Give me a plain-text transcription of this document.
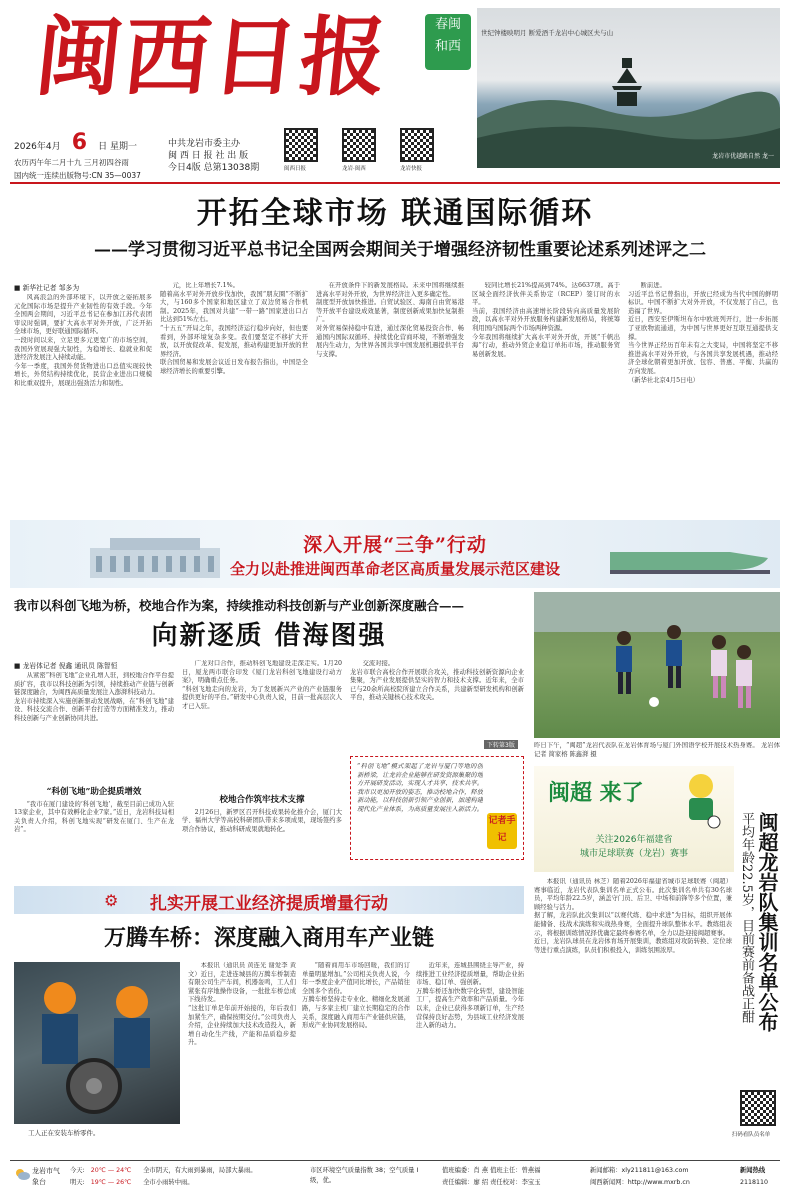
闽西日报	春闽
和西
世纪钟楼映明月 断爱酒千龙岩中心城区夫与山
龙岩市优越路自然 龙一
2026年4月 6 日 星期一
农历丙午年二月十九 三月初四谷雨
国内统一连续出版物号:CN 35—0037
中共龙岩市委主办
闽 西 日 报 社 出 版
今日4版 总第13038期	闽西日报	龙岩·闽西	龙岩快报
开拓全球市场 联通国际循环
——学习贯彻习近平总书记全国两会期间关于增强经济韧性重要论述系列述评之二
■ 新华社记者 邹多为
风高浪急的外部环境下，以开放之姿拓展多元化国际市场是提升产业韧性的有效手段。今年全国两会期间，习近平总书记在参加江苏代表团审议时强调，要扩大高水平对外开放，广泛开拓全球市场，更好联通国际循环。
一段时间以来，立足更多元更宽广的市场空间，我国外贸展现强大韧性，为稳增长、稳就业和促进经济发展注入持续动能。
今年一季度，我国外贸货物进出口总值实现较快增长，外贸结构持续优化，民营企业进出口规模和比重双提升，展现出强劲活力和韧性。
元，比上年增长7.1%。
随着高水平对外开放步伐加快，我国“朋友圈”不断扩大，与160多个国家和地区建立了双边贸易合作机制。2025年，我国对共建“一带一路”国家进出口占比达到51%左右。
“十五五”开局之年，我国经济运行稳步向好，但也要看到，外部环境复杂多变。我们要坚定不移扩大开放，以开放促改革、促发展，推动构建更加开放的世界经济。
联合国贸易和发展会议近日发布报告指出，中国是全球经济增长的重要引擎。
在开放条件下的新发展格局。未来中国将继续推进高水平对外开放，为世界经济注入更多确定性。
制度型开放加快推进。自贸试验区、海南自由贸易港等开放平台建设成效显著，制度创新成果加快复制推广。
对外贸易保持稳中有进，通过深化贸易投资合作、畅通国内国际双循环、持续优化营商环境，不断增强发展内生动力，为世界各国共享中国发展机遇提供平台与支撑。
较同比增长21%提高到74%。达6637项。高于区域全面经济伙伴关系协定（RCEP）签订时的水平。
当前，我国经济由高速增长阶段转向高质量发展阶段，以高水平对外开放服务构建新发展格局，将统筹利用国内国际两个市场两种资源。
今年我国将继续扩大高水平对外开放，开展“千帆出海”行动，推动外贸企业稳订单拓市场，推动服务贸易创新发展。
断前进。
习近平总书记曾指出，开放已经成为当代中国的鲜明标识。中国不断扩大对外开放，不仅发展了自己，也造福了世界。
近日，西安至伊斯坦布尔中欧班列开行，进一步拓展了亚欧物流通道，为中国与世界更好互联互通提供支撑。
当今世界正经历百年未有之大变局，中国将坚定不移推进高水平对外开放，与各国共享发展机遇，推动经济全球化朝着更加开放、包容、普惠、平衡、共赢的方向发展。
（新华社北京4月5日电）
深入开展“三争”行动
全力以赴推进闽西革命老区高质量发展示范区建设
我市以科创飞地为桥，校地合作为案，持续推动科技创新与产业创新深度融合——
向新逐质 借海图强
■ 龙岩体记者 倪鑫 通讯员 陈智恒
从紧密“科创飞地”企业孔增人驻，到校地合作平台提质扩容，我市以科技创新为引领，持续推动产业链与创新链深度融合，为闽西高质量发展注入澎湃科技动力。
龙岩市持续深入实施创新驱动发展战略，在“科创飞地”建设、科技交流合作、创新平台打造等方面精准发力，推动科技创新与产业创新协同共进。
“科创飞地”助企提质增效
“我市在厦门建设的‘科创飞地’，截至目前已成功入驻13家企业，其中有效孵化企业7家。”近日，龙岩科技局相关负责人介绍，科创飞地实现“研发在厦门、生产在龙岩”。
广龙对口合作，推动科创飞地建设走深走实。1月20日，厦龙两市联合印发《厦门龙岩科创飞地建设行动方案》，明确重点任务。
“科创飞地走向的龙岩，为了发展新兴产业的产业链服务提供更好的平台。”研发中心负责人说，目前一批高层次人才已入驻。
校地合作筑牢技术支撑
2月26日，新罗区召开科技成果转化推介会，厦门大学、福州大学等高校科研团队带来多项成果，现场签约多项合作协议，推动科研成果就地转化。
交流对接。
龙岩市联合高校合作开展联合攻关，推动科技创新资源向企业集聚，为产业发展提供坚实的智力和技术支撑。近年来，全市已与20余所高校院所建立合作关系，共建新型研发机构和创新平台，推动关键核心技术攻关。
下转第3版
“科创飞地”模式架起了龙岩与厦门等地的创新桥梁，让龙岩企业能够在研发资源集聚的地方开展研发活动，实现人才共享、技术共享。我市以更加开放的姿态，推动校地合作，释放新动能，以科技创新引领产业创新，加速构建现代化产业体系，为高质量发展注入新活力。
记者手记
昨日下午，“闽超”龙岩代表队在龙岩体育场与厦门外国语学校开展技术热身赛。 龙岩体记者 简家榕 陈鑫湃 摄
闽超 来了
关注2026年福建省
城市足球联赛（龙岩）赛事	闽超龙岩队集训名单公布
平均年龄22.5岁，目前赛前备战正酣
本报讯（通讯员 林芝）随着2026年福建省城市足球联赛（闽超）赛事临近，龙岩代表队集训名单正式公布。此次集训名单共有30名球员，平均年龄22.5岁，涵盖守门员、后卫、中场和前锋等多个位置，兼顾经验与活力。
据了解，龙岩队此次集训以“以赛代练、稳中求进”为目标，组织开展体能储备、技战术演练和实战热身赛，全面提升球队整体水平。教练组表示，将根据训练情况择优确定最终参赛名单，全力以赴迎接闽超赛事。
近日，龙岩队球员在龙岩体育场开展集训，教练组对攻防转换、定位球等进行重点演练，队员们积极投入，训练氛围浓厚。
扫码看队员名单
⚙	扎实开展工业经济提质增量行动
万腾车桥：深度融入商用车产业链
工人正在安装车桥零件。
本报讯（通讯员 黄连光 谢爱李 黄文）近日，走进连城县的万腾车桥制造有限公司生产车间，机器轰鸣，工人们紧张有序地操作设备，一批批车桥总成下线待发。
“这批订单是年前开始接的，年后我们加紧生产，确保按期交付。”公司负责人介绍，企业持续加大技术改造投入，新增自动化生产线，产能和品质稳步提升。
“随着商用车市场回暖，我们的订单量明显增加。”公司相关负责人说，今年一季度企业产值同比增长，产品销往全国多个省份。
万腾车桥坚持走专业化、精细化发展道路，与多家主机厂建立长期稳定的合作关系，深度融入商用车产业链供应链，形成产业协同发展格局。
近年来，连城县围绕主导产业，持续推进工业经济提质增量，帮助企业拓市场、稳订单、强创新。
万腾车桥还加快数字化转型，建设智能工厂，提高生产效率和产品质量。今年以来，企业已获得多项新订单，生产经营保持良好态势，为县域工业经济发展注入新的动力。
龙岩市气象台
今天: 20℃ — 24℃ 全市阴天，有大雨到暴雨，局部大暴雨。
明天: 19℃ — 26℃ 全市小雨转中雨。
市区环境空气质量指数 38；空气质量 I 级，优。
值班编委：肖 燕 值班主任：曾燕福
责任编辑：廖 绍 责任校对：李宝玉
新闻邮箱：xly211811@163.com
闽西新闻网：http://www.mxrb.cn
新闻热线
2118110
